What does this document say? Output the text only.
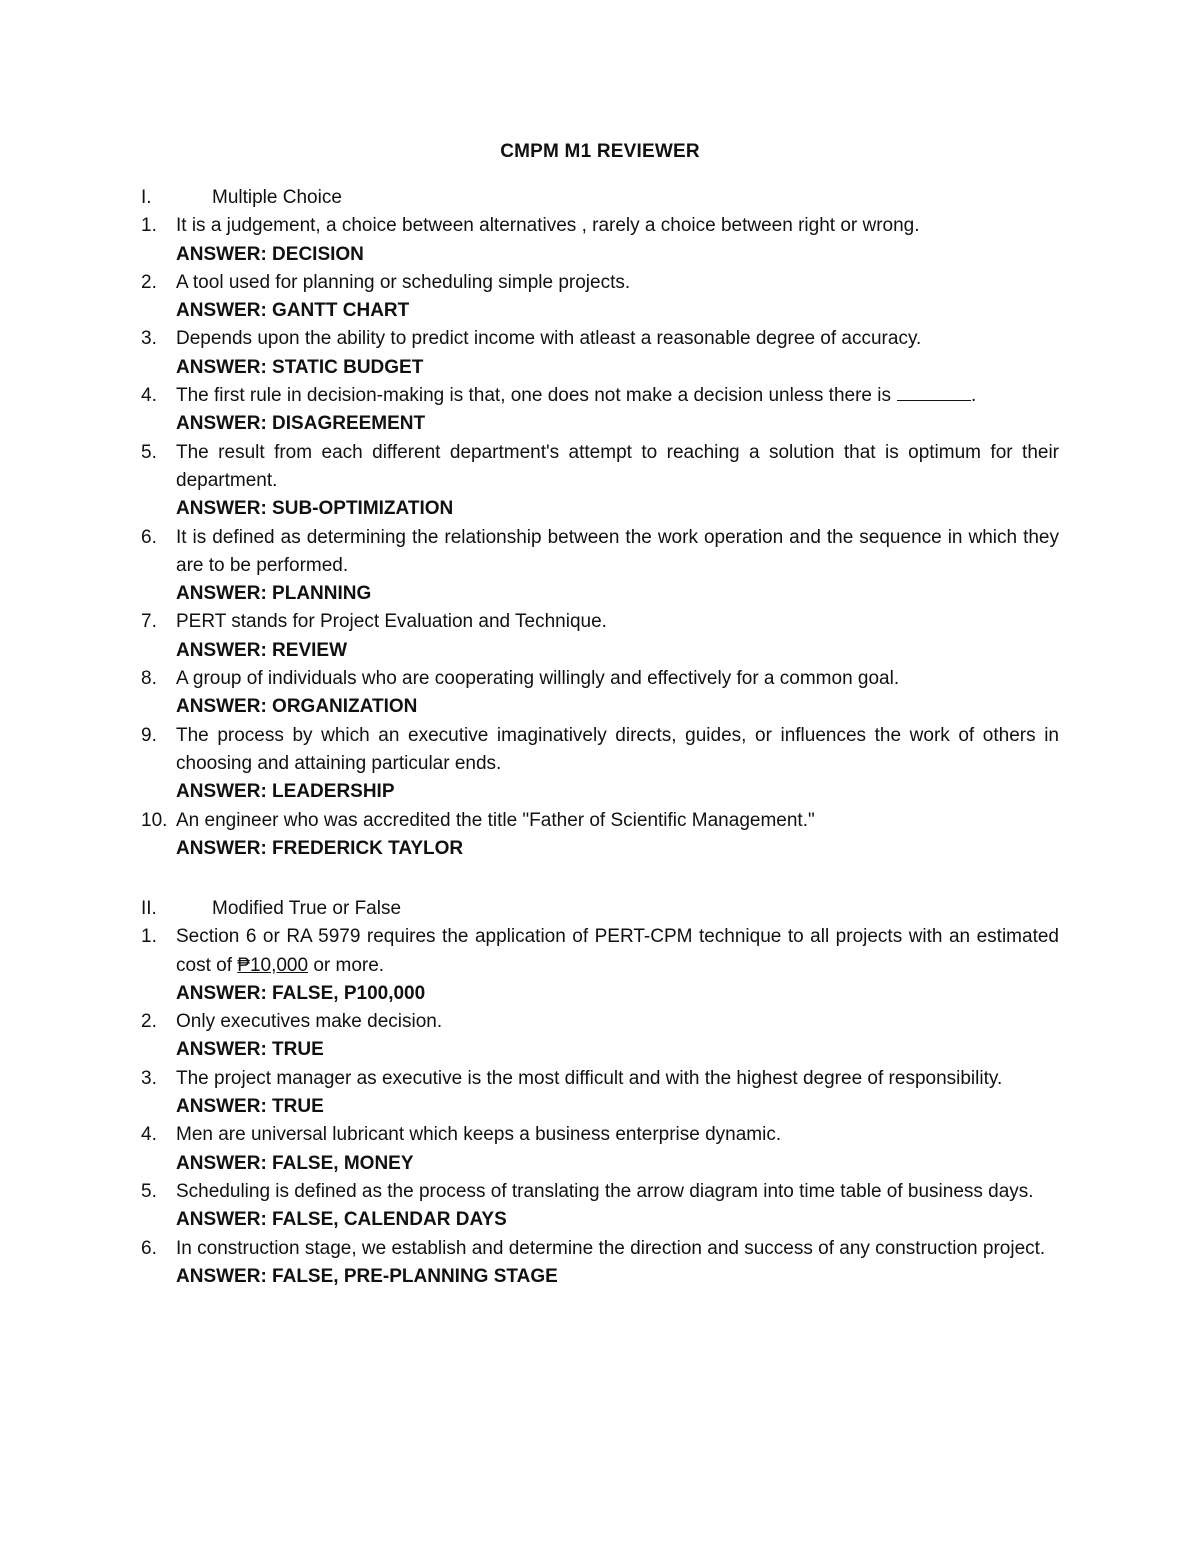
CMPM M1 REVIEWER
I.	Multiple Choice
1.	It is a judgement, a choice between alternatives , rarely a choice between right or wrong.
ANSWER: DECISION
2.	A tool used for planning or scheduling simple projects.
ANSWER: GANTT CHART
3.	Depends upon the ability to predict income with atleast a reasonable degree of accuracy.
ANSWER: STATIC BUDGET
4.	The first rule in decision-making is that, one does not make a decision unless there is	.
ANSWER: DISAGREEMENT
5.	The result from each different department's attempt to reaching a solution that is optimum for their department.
ANSWER: SUB-OPTIMIZATION
6.	It is defined as determining the relationship between the work operation and the sequence in which they are to be performed.
ANSWER: PLANNING
7.	PERT stands for Project Evaluation and Technique.
ANSWER: REVIEW
8.	A group of individuals who are cooperating willingly and effectively for a common goal.
ANSWER: ORGANIZATION
9.	The process by which an executive imaginatively directs, guides, or influences the work of others in choosing and attaining particular ends.
ANSWER: LEADERSHIP
10. An engineer who was accredited the title "Father of Scientific Management."
ANSWER: FREDERICK TAYLOR
II.	Modified True or False
1.	Section 6 or RA 5979 requires the application of PERT-CPM technique to all projects with an estimated cost of ₱10,000 or more.
ANSWER: FALSE, P100,000
2.	Only executives make decision.
ANSWER: TRUE
3.	The project manager as executive is the most difficult and with the highest degree of responsibility.
ANSWER: TRUE
4.	Men are universal lubricant which keeps a business enterprise dynamic.
ANSWER: FALSE, MONEY
5.	Scheduling is defined as the process of translating the arrow diagram into time table of business days.
ANSWER: FALSE, CALENDAR DAYS
6.	In construction stage, we establish and determine the direction and success of any construction project.
ANSWER: FALSE, PRE-PLANNING STAGE
